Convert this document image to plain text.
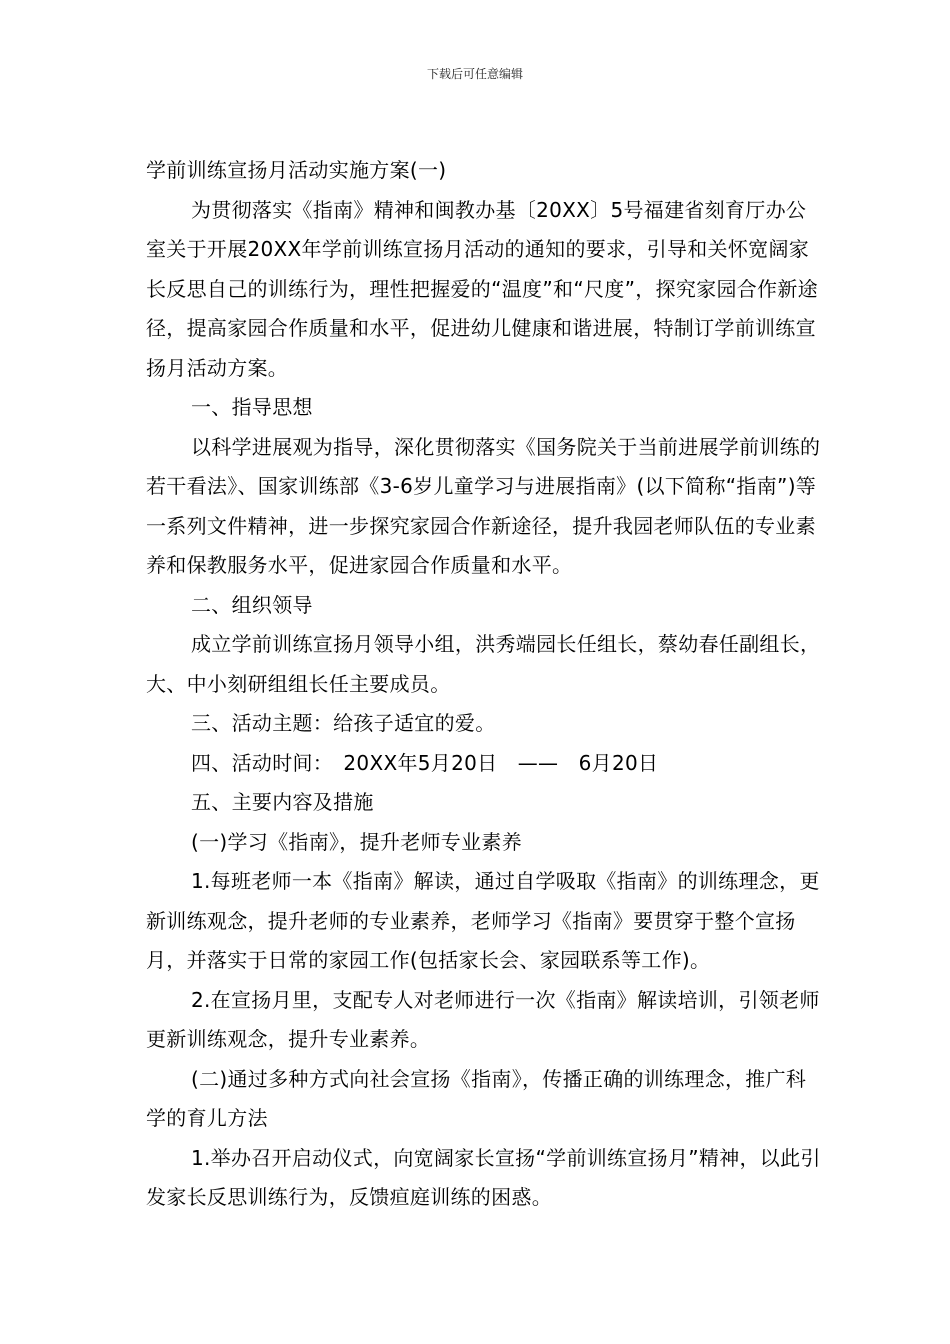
下载后可任意编辑

学前训练宣扬月活动实施方案(一)

为贯彻落实《指南》精神和闽教办基〔20XX〕5号福建省刻育厅办公室关于开展20XX年学前训练宣扬月活动的通知的要求，引导和关怀宽阔家长反思自己的训练行为，理性把握爱的“温度”和“尺度”，探究家园合作新途径，提高家园合作质量和水平，促进幼儿健康和谐进展，特制订学前训练宣扬月活动方案。

一、指导思想

以科学进展观为指导，深化贯彻落实《国务院关于当前进展学前训练的若干看法》、国家训练部《3-6岁儿童学习与进展指南》(以下简称“指南”)等一系列文件精神，进一步探究家园合作新途径，提升我园老师队伍的专业素养和保教服务水平，促进家园合作质量和水平。

二、组织领导

成立学前训练宣扬月领导小组，洪秀端园长任组长，蔡幼春任副组长，大、中小刻研组组长任主要成员。

三、活动主题：给孩子适宜的爱。

四、活动时间：　20XX年5月20日　——　6月20日

五、主要内容及措施

(一)学习《指南》，提升老师专业素养

1.每班老师一本《指南》解读，通过自学吸取《指南》的训练理念，更新训练观念，提升老师的专业素养，老师学习《指南》要贯穿于整个宣扬月，并落实于日常的家园工作(包括家长会、家园联系等工作)。

2.在宣扬月里，支配专人对老师进行一次《指南》解读培训，引领老师更新训练观念，提升专业素养。

(二)通过多种方式向社会宣扬《指南》，传播正确的训练理念，推广科学的育儿方法

1.举办召开启动仪式，向宽阔家长宣扬“学前训练宣扬月”精神，以此引发家长反思训练行为，反馈疸庭训练的困惑。
